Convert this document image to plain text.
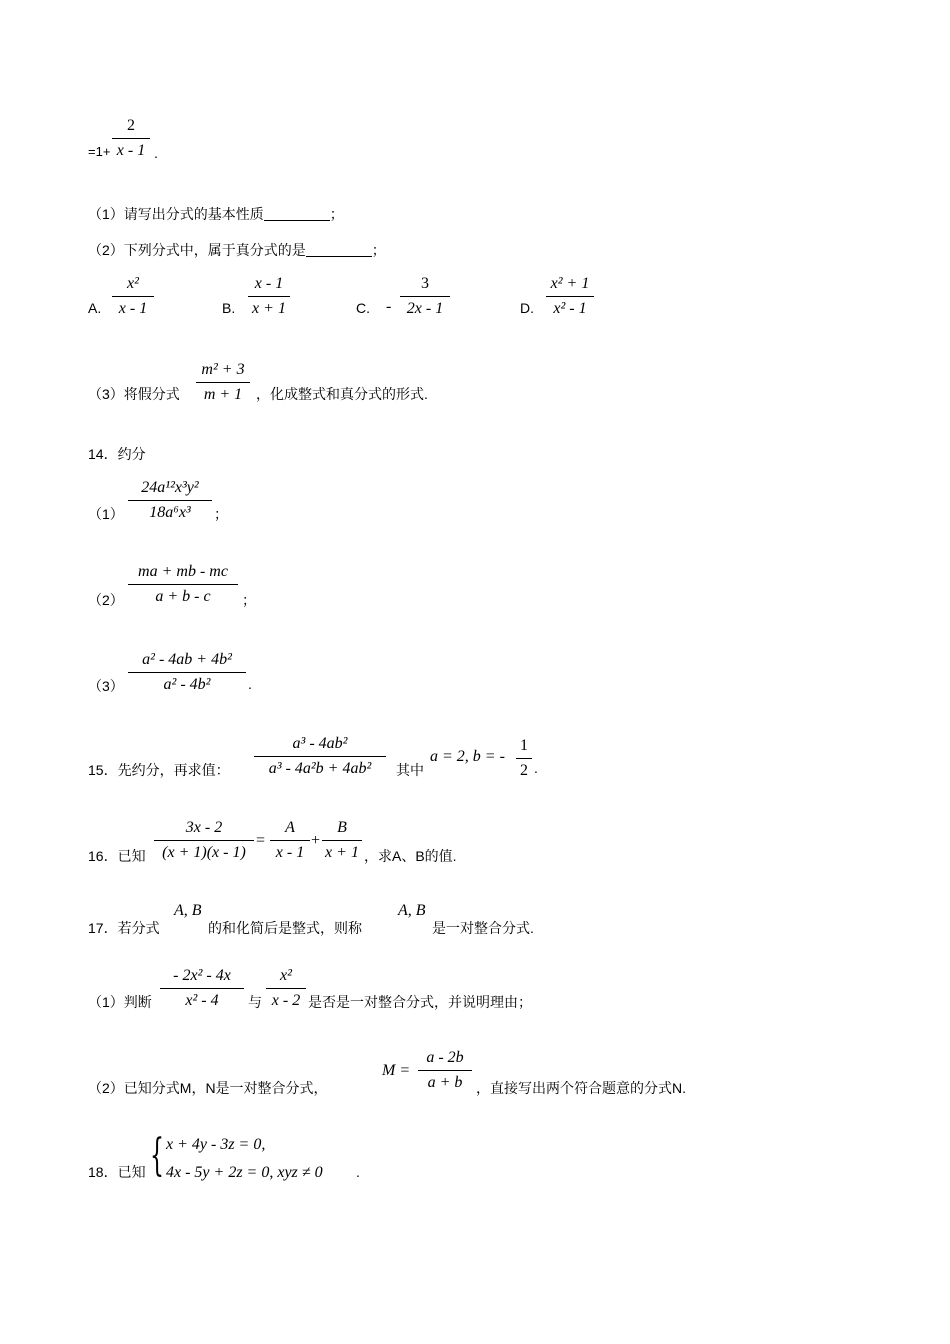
=1+
2
x - 1 .
（1）请写出分式的基本性质	；
（2）下列分式中，属于真分式的是	；
A.
x²
x - 1	B.
x - 1
x + 1	C. -
3
2x - 1	D.
x² + 1
x² - 1
（3）将假分式
m² + 3
m + 1 ，化成整式和真分式的形式.
14．约分
（1）
24a¹²x³y²
18a⁶x³	；
（2）
ma + mb - mc
a + b - c	；
（3）
a² - 4ab + 4b²
a² - 4b²	.
15．先约分，再求值：
a³ - 4ab²
a³ - 4a²b + 4ab²	其中
a = 2, b = -
1
2 .
16．已知
3x - 2
(x + 1)(x - 1)
=
A
x - 1
+
B
x + 1 ，求A、B的值.
17．若分式
A, B
的和化简后是整式，则称
A, B
是一对整合分式.
（1）判断
- 2x² - 4x
x² - 4	与
x²
x - 2 是否是一对整合分式，并说明理由；
（2）已知分式M，N是一对整合分式，
M =
a - 2b
a + b ，直接写出两个符合题意的分式N.
18．已知 { x + 4y - 3z = 0,
4x - 5y + 2z = 0, xyz ≠ 0 .
